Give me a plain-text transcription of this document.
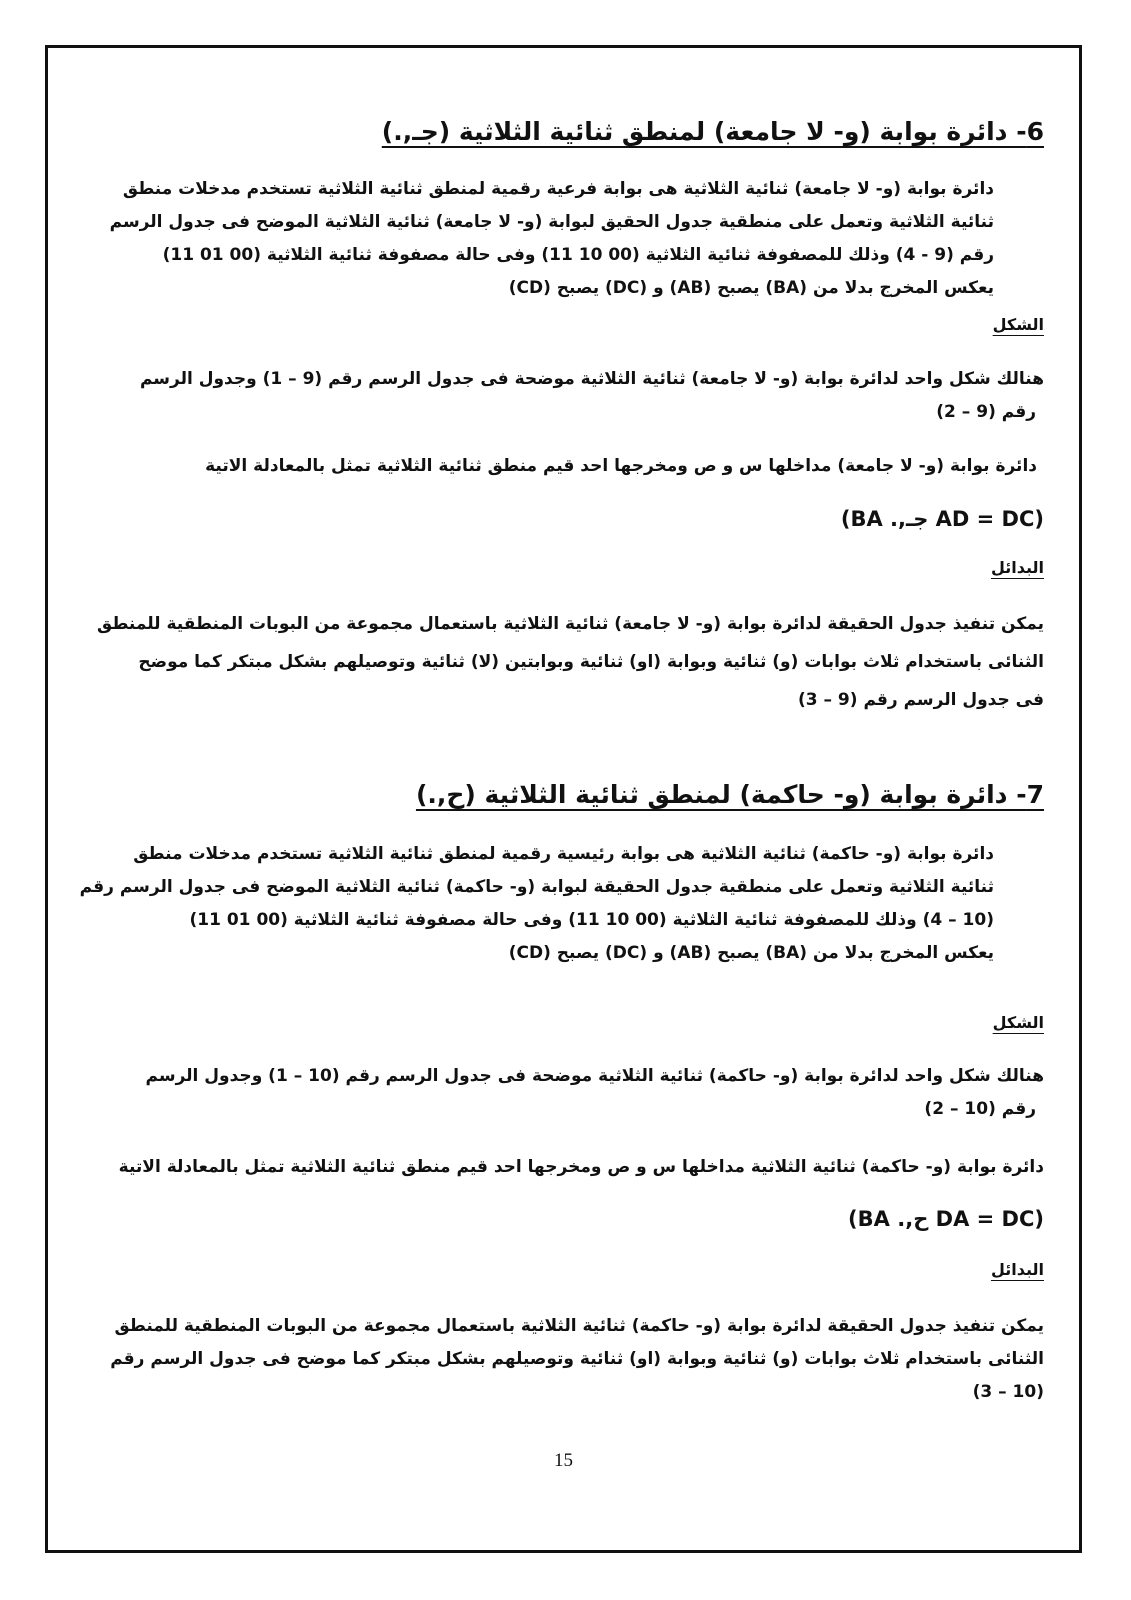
6- دائرة بوابة (و- لا جامعة) لمنطق ثنائية الثلاثية (جـ,.)
دائرة بوابة (و- لا جامعة) ثنائية الثلاثية هى بوابة فرعية رقمية لمنطق ثنائية الثلاثية تستخدم مدخلات منطق
ثنائية الثلاثية وتعمل على منطقية جدول الحقيق لبوابة (و- لا جامعة) ثنائية الثلاثية الموضح فى جدول الرسم
رقم (9 - 4) وذلك للمصفوفة ثنائية الثلاثية (00 10 11) وفى حالة مصفوفة ثنائية الثلاثية (00 01 11)
يعكس المخرج بدلا من (BA) يصبح (AB) و (DC) يصبح (CD)
الشكل
هنالك شكل واحد لدائرة بوابة (و- لا جامعة) ثنائية الثلاثية موضحة فى جدول الرسم رقم (9 – 1) وجدول الرسم
رقم (9 – 2)
دائرة بوابة (و- لا جامعة) مداخلها س و ص ومخرجها احد قيم منطق ثنائية الثلاثية تمثل بالمعادلة الاتية
(AD = DC جـ,. BA)
البدائل
يمكن تنفيذ جدول الحقيقة لدائرة بوابة (و- لا جامعة) ثنائية الثلاثية باستعمال مجموعة من البوبات المنطقية للمنطق
الثنائى باستخدام ثلاث بوابات (و) ثنائية وبوابة (او) ثنائية وبوابتين (لا) ثنائية وتوصيلهم بشكل مبتكر كما موضح
فى جدول الرسم رقم (9 – 3)
7- دائرة بوابة (و- حاكمة) لمنطق ثنائية الثلاثية (ح,.)
دائرة بوابة (و- حاكمة) ثنائية الثلاثية هى بوابة رئيسية رقمية لمنطق ثنائية الثلاثية تستخدم مدخلات منطق
ثنائية الثلاثية وتعمل على منطقية جدول الحقيقة لبوابة (و- حاكمة) ثنائية الثلاثية الموضح فى جدول الرسم رقم
(10 – 4) وذلك للمصفوفة ثنائية الثلاثية (00 10 11) وفى حالة مصفوفة ثنائية الثلاثية (00 01 11)
يعكس المخرج بدلا من (BA) يصبح (AB) و (DC) يصبح (CD)
الشكل
هنالك شكل واحد لدائرة بوابة (و- حاكمة) ثنائية الثلاثية موضحة فى جدول الرسم رقم (10 – 1) وجدول الرسم
رقم (10 – 2)
دائرة بوابة (و- حاكمة) ثنائية الثلاثية مداخلها س و ص ومخرجها احد قيم منطق ثنائية الثلاثية تمثل بالمعادلة الاتية
(DA = DC ح,. BA)
البدائل
يمكن تنفيذ جدول الحقيقة لدائرة بوابة (و- حاكمة) ثنائية الثلاثية باستعمال مجموعة من البوبات المنطقية للمنطق
الثنائى باستخدام ثلاث بوابات (و) ثنائية وبوابة (او) ثنائية وتوصيلهم بشكل مبتكر كما موضح فى جدول الرسم رقم
(10 – 3)
15
